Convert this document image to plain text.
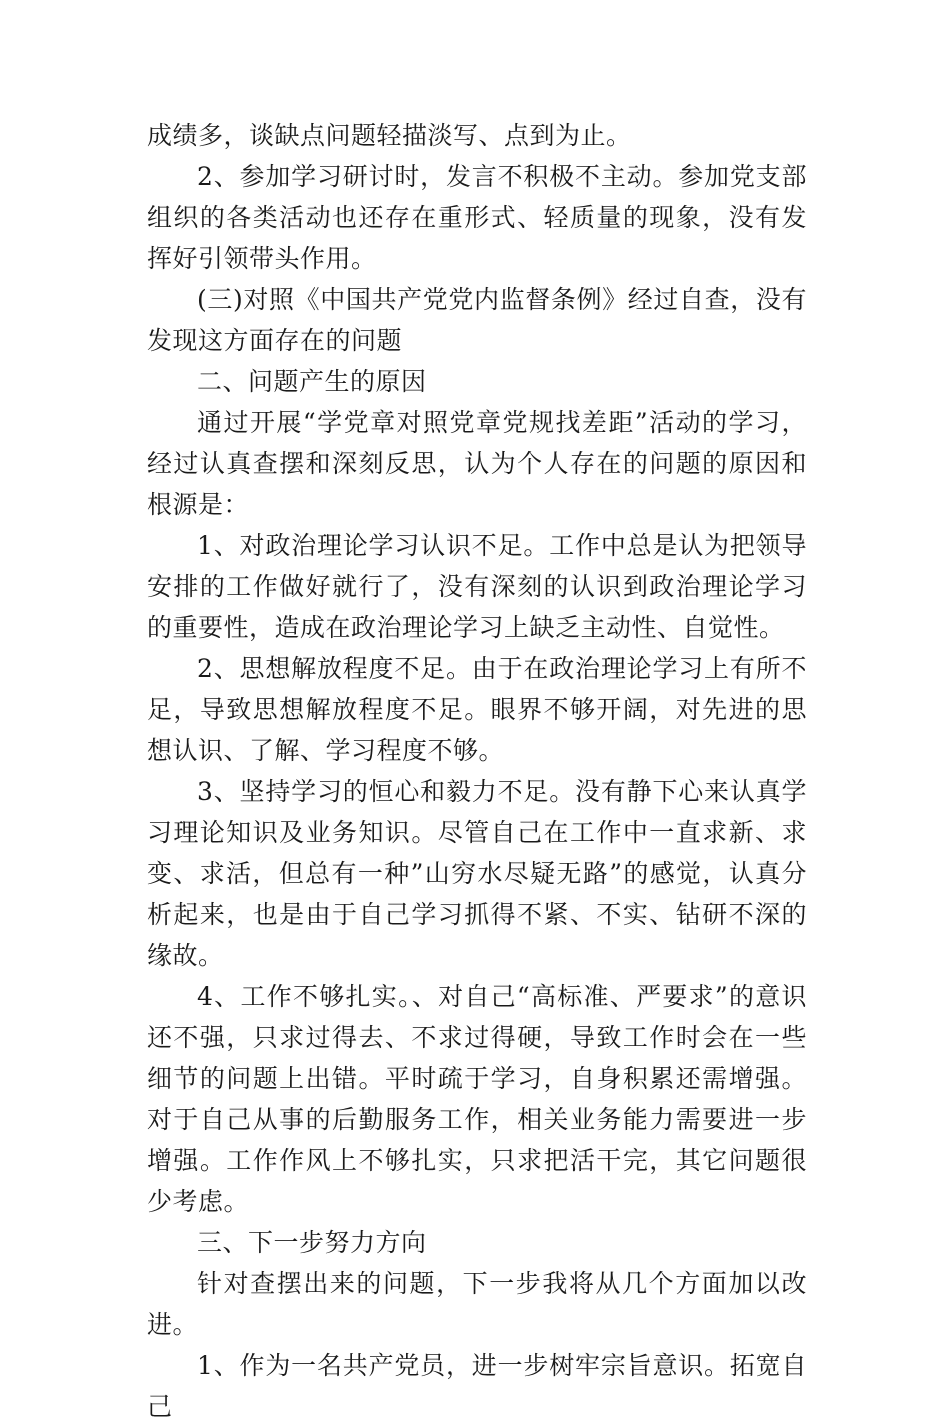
成绩多，谈缺点问题轻描淡写、点到为止。

2、参加学习研讨时，发言不积极不主动。参加党支部组织的各类活动也还存在重形式、轻质量的现象，没有发挥好引领带头作用。

(三)对照《中国共产党党内监督条例》经过自查，没有发现这方面存在的问题

二、问题产生的原因

通过开展“学党章对照党章党规找差距”活动的学习，经过认真查摆和深刻反思，认为个人存在的问题的原因和根源是：

1、对政治理论学习认识不足。工作中总是认为把领导安排的工作做好就行了，没有深刻的认识到政治理论学习的重要性，造成在政治理论学习上缺乏主动性、自觉性。

2、思想解放程度不足。由于在政治理论学习上有所不足，导致思想解放程度不足。眼界不够开阔，对先进的思想认识、了解、学习程度不够。

3、坚持学习的恒心和毅力不足。没有静下心来认真学习理论知识及业务知识。尽管自己在工作中一直求新、求变、求活，但总有一种”山穷水尽疑无路”的感觉，认真分析起来，也是由于自己学习抓得不紧、不实、钻研不深的缘故。

4、工作不够扎实。、对自己“高标准、严要求”的意识还不强，只求过得去、不求过得硬，导致工作时会在一些细节的问题上出错。平时疏于学习，自身积累还需增强。对于自己从事的后勤服务工作，相关业务能力需要进一步增强。工作作风上不够扎实，只求把活干完，其它问题很少考虑。

三、下一步努力方向

针对查摆出来的问题，下一步我将从几个方面加以改进。

1、作为一名共产党员，进一步树牢宗旨意识。拓宽自己
